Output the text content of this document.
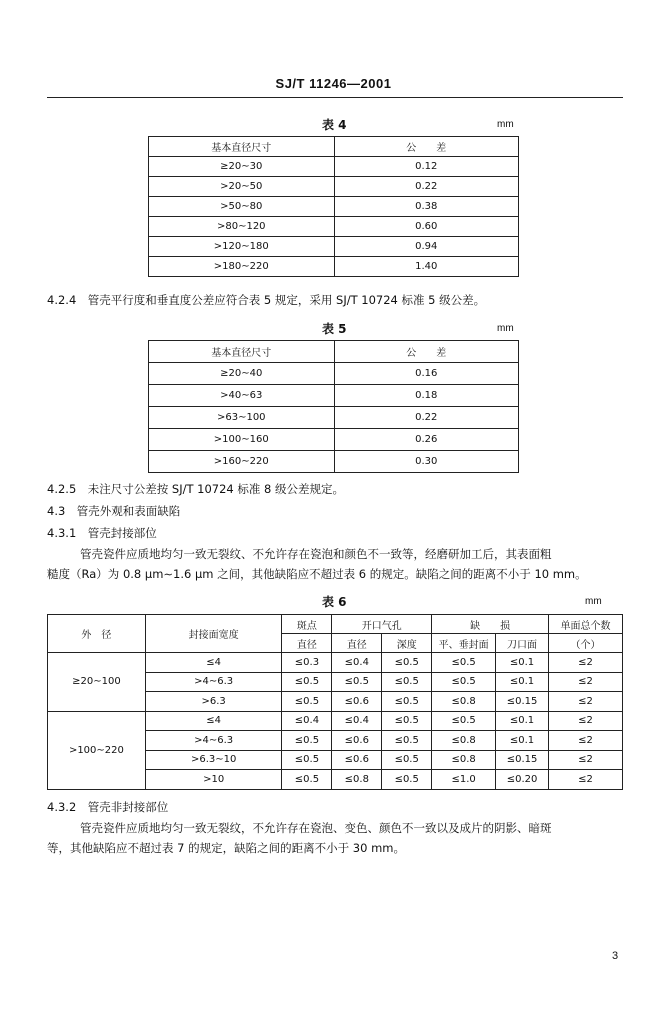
SJ/T 11246—2001
表 4	mm
基本直径尺寸	公　　差
≥20∼30	0.12
>20∼50	0.22
>50∼80	0.38
>80∼120	0.60
>120∼180	0.94
>180∼220	1.40
4.2.4　管壳平行度和垂直度公差应符合表 5 规定，采用 SJ/T 10724 标准 5 级公差。
表 5	mm
基本直径尺寸	公　　差
≥20∼40	0.16
>40∼63	0.18
>63∼100	0.22
>100∼160	0.26
>160∼220	0.30
4.2.5　未注尺寸公差按 SJ/T 10724 标准 8 级公差规定。
4.3　管壳外观和表面缺陷
4.3.1　管壳封接部位
管壳瓷件应质地均匀一致无裂纹、不允许存在瓷泡和颜色不一致等，经磨研加工后，其表面粗
糙度（Ra）为 0.8 μm∼1.6 μm 之间，其他缺陷应不超过表 6 的规定。缺陷之间的距离不小于 10 mm。
表 6	mm
外　径	封接面宽度	斑点	开口气孔		缺　　损		单面总个数
		直径	直径	深度	平、垂封面	刀口面	（个）
≥20∼100	≤4	≤0.3	≤0.4	≤0.5	≤0.5	≤0.1	≤2
	>4∼6.3	≤0.5	≤0.5	≤0.5	≤0.5	≤0.1	≤2
	>6.3	≤0.5	≤0.6	≤0.5	≤0.8	≤0.15	≤2
>100∼220	≤4	≤0.4	≤0.4	≤0.5	≤0.5	≤0.1	≤2
	>4∼6.3	≤0.5	≤0.6	≤0.5	≤0.8	≤0.1	≤2
	>6.3∼10	≤0.5	≤0.6	≤0.5	≤0.8	≤0.15	≤2
	>10	≤0.5	≤0.8	≤0.5	≤1.0	≤0.20	≤2
4.3.2　管壳非封接部位
管壳瓷件应质地均匀一致无裂纹，不允许存在瓷泡、变色、颜色不一致以及成片的阴影、暗斑
等，其他缺陷应不超过表 7 的规定，缺陷之间的距离不小于 30 mm。
3
